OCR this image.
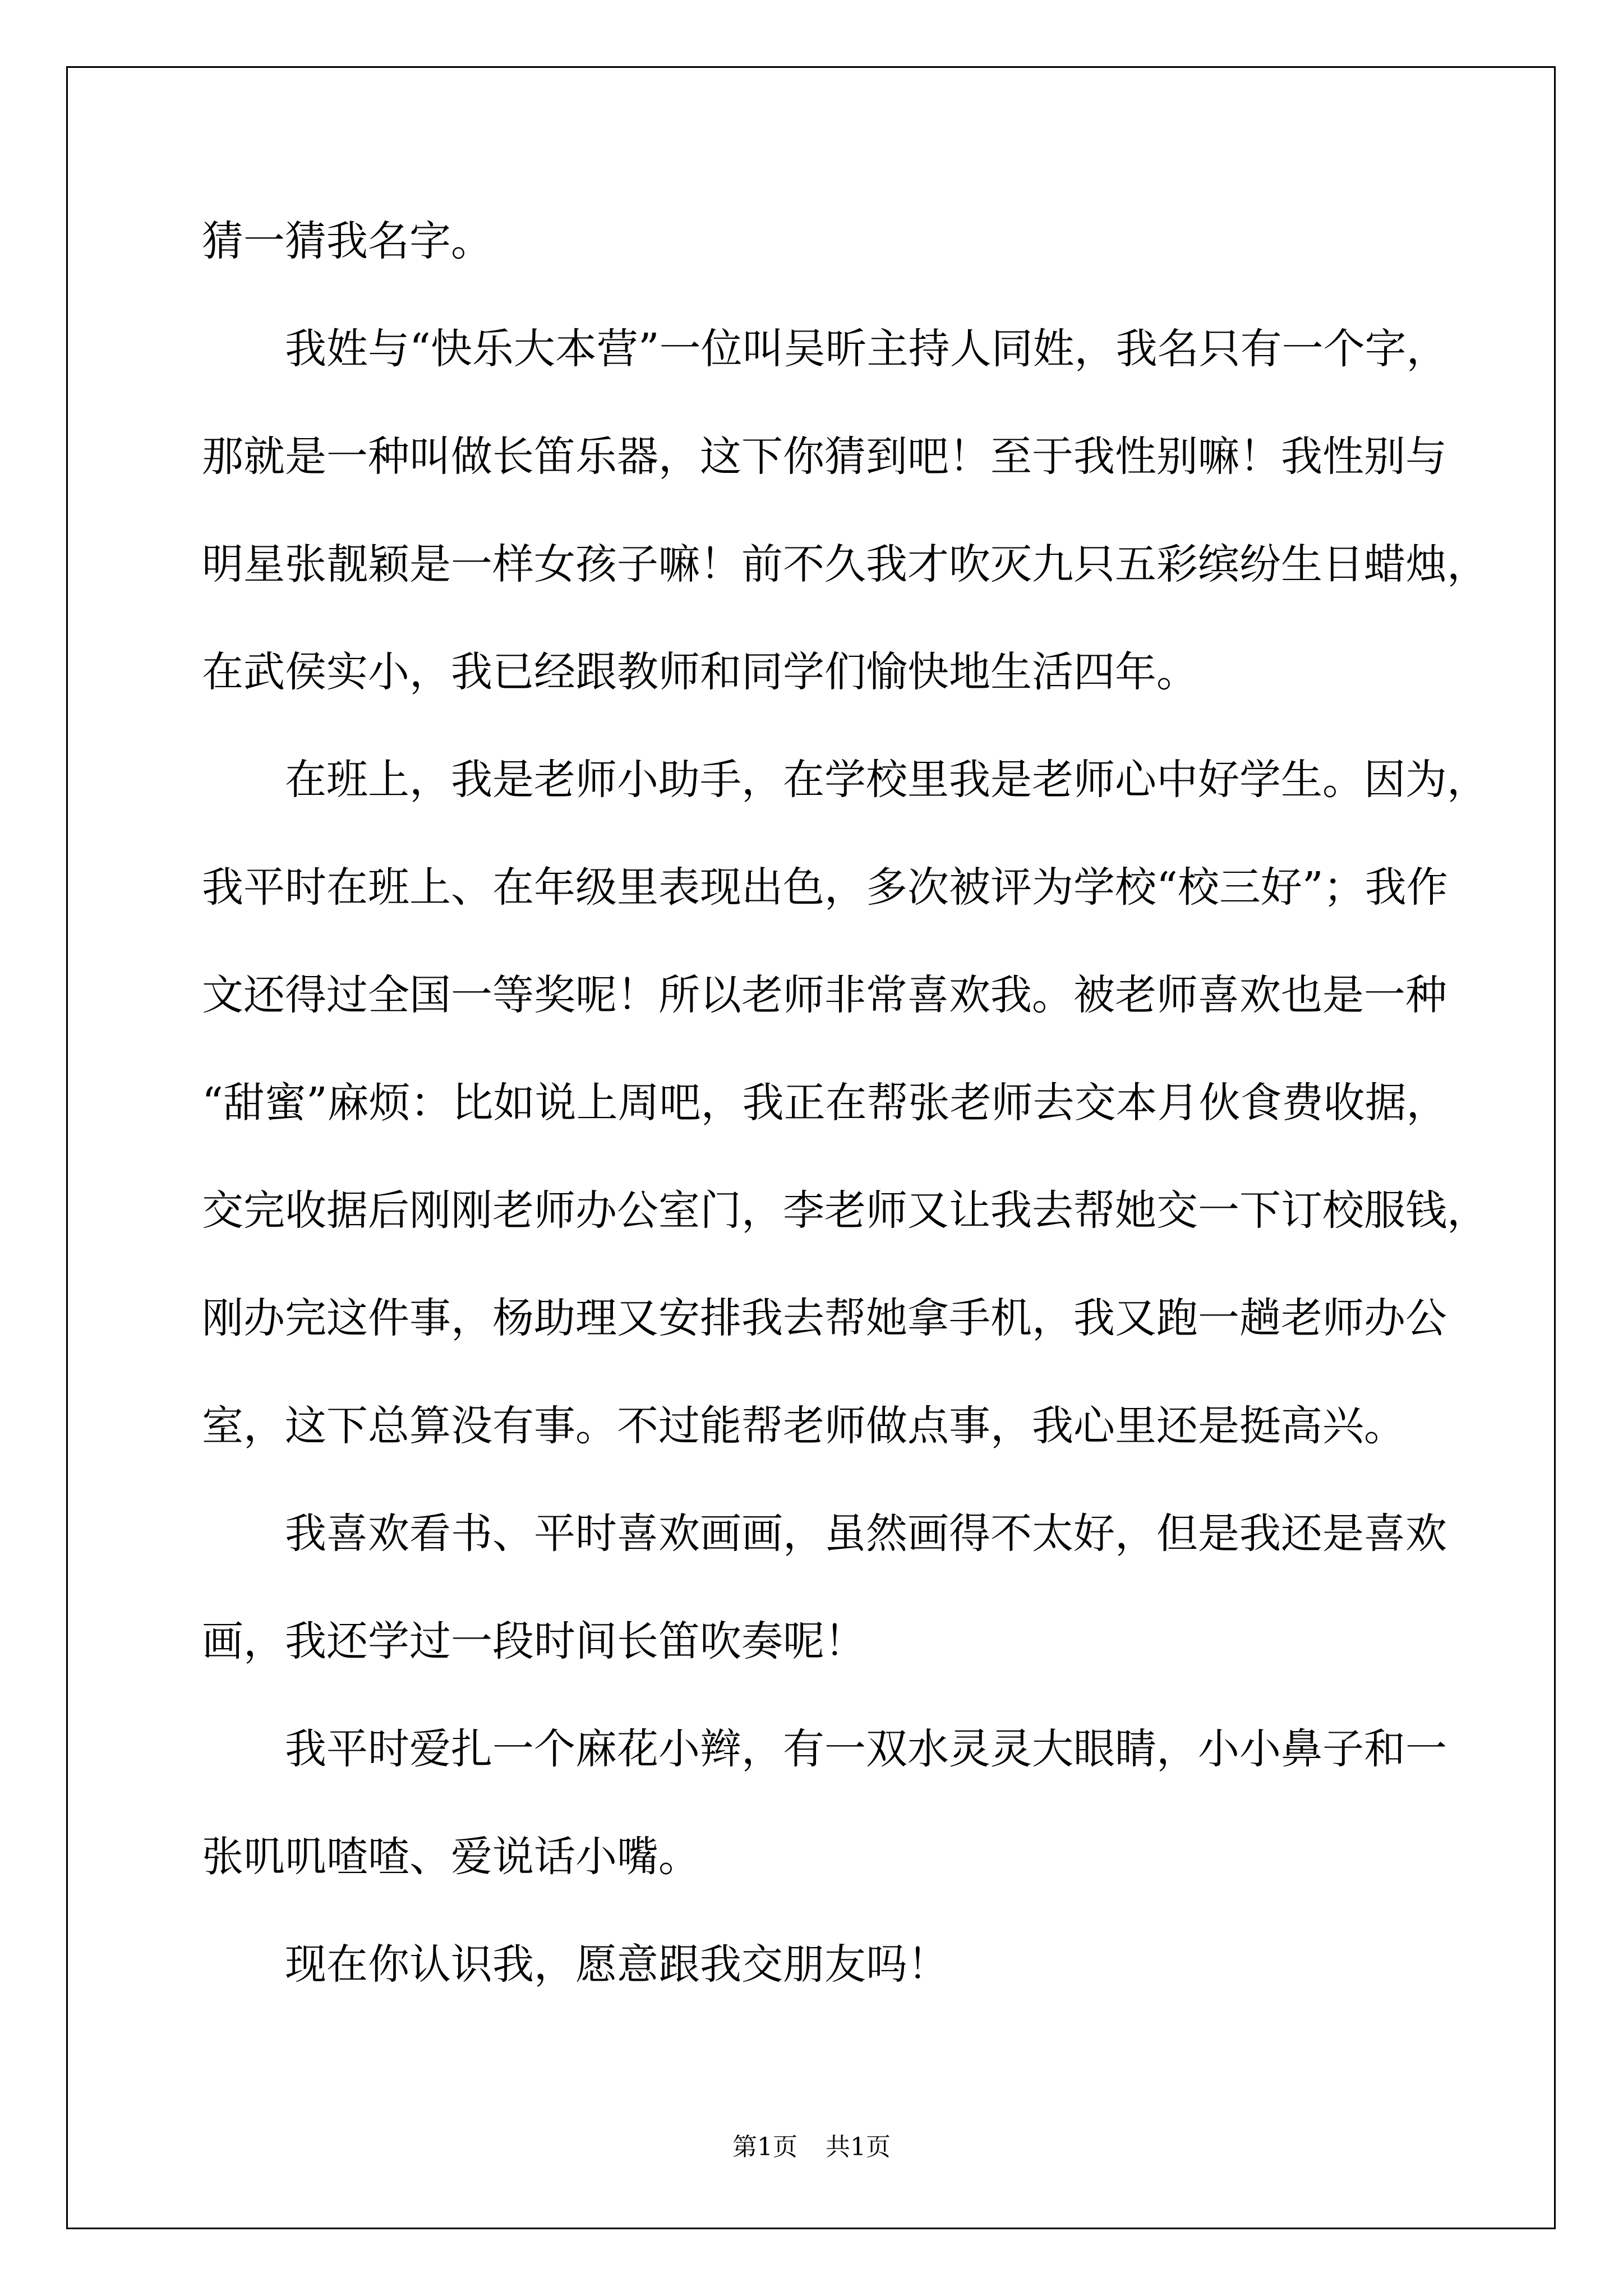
猜一猜我名字。
我姓与“快乐大本营”一位叫吴昕主持人同姓，我名只有一个字，
那就是一种叫做长笛乐器，这下你猜到吧！至于我性别嘛！我性别与
明星张靓颖是一样女孩子嘛！前不久我才吹灭九只五彩缤纷生日蜡烛，
在武侯实小，我已经跟教师和同学们愉快地生活四年。
在班上，我是老师小助手，在学校里我是老师心中好学生。因为，
我平时在班上、在年级里表现出色，多次被评为学校“校三好”；我作
文还得过全国一等奖呢！所以老师非常喜欢我。被老师喜欢也是一种
“甜蜜”麻烦：比如说上周吧，我正在帮张老师去交本月伙食费收据，
交完收据后刚刚老师办公室门，李老师又让我去帮她交一下订校服钱，
刚办完这件事，杨助理又安排我去帮她拿手机，我又跑一趟老师办公
室，这下总算没有事。不过能帮老师做点事，我心里还是挺高兴。
我喜欢看书、平时喜欢画画，虽然画得不太好，但是我还是喜欢
画，我还学过一段时间长笛吹奏呢！
我平时爱扎一个麻花小辫，有一双水灵灵大眼睛，小小鼻子和一
张叽叽喳喳、爱说话小嘴。
现在你认识我，愿意跟我交朋友吗！
第1页 共1页
